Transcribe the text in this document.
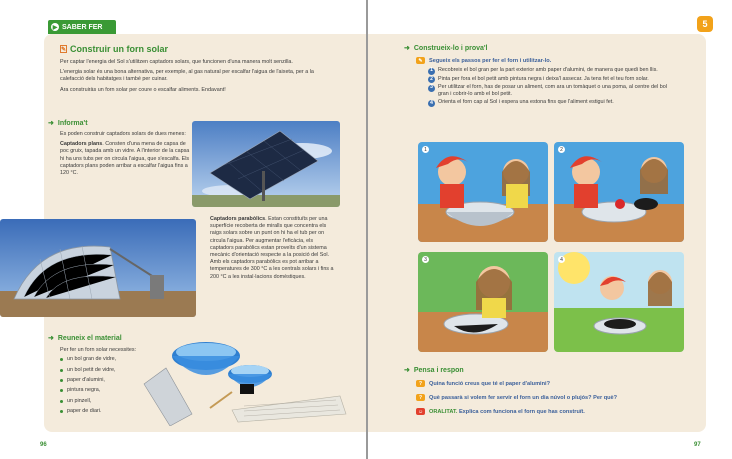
▶ SABER FER
✎ Construir un forn solar

Per captar l'energia del Sol s'utilitzen captadors solars, que funcionen d'una manera molt senzilla.

L'energia solar és una bona alternativa, per exemple, al gas natural per escalfar l'aigua de l'aixeta, per a la calefacció dels habitatges i també per cuinar.

Ara construiràs un forn solar per coure o escalfar aliments. Endavant!

➜ Informa't

Es poden construir captadors solars de dues menes:

Captadors plans. Consten d'una mena de capsa de poc gruix, tapada amb un vidre. A l'interior de la capsa hi ha uns tubs per on circula l'aigua, que s'escalfa. Els captadors plans poden arribar a escalfar l'aigua fins a 120 °C.

Captadors parabòlics. Estan constituïts per una superfície recoberta de miralls que concentra els raigs solars sobre un punt on hi ha el tub per on circula l'aigua. Per augmentar l'eficàcia, els captadors parabòlics estan proveïts d'un sistema mecànic d'orientació respecte a la posició del Sol. Amb els captadors parabòlics es pot arribar a temperatures de 300 °C a les centrals solars i fins a 200 °C a les instal·lacions domèstiques.

➜ Reuneix el material

Per fer un forn solar necessites:

un bol gran de vidre,
un bol petit de vidre,
paper d'alumini,
pintura negra,
un pinzell,
paper de diari.
96
5
➜ Construeix-lo i prova'l
✎	Segueix els passos per fer el forn i utilitzar-lo.
1 Recobreix el bol gran per la part exterior amb paper d'alumini, de manera que quedi ben llis.
2 Pinta per fora el bol petit amb pintura negra i deixa'l assecar. Ja tens fet el teu forn solar.
3 Per utilitzar el forn, has de posar un aliment, com ara un tomàquet o una poma, al centre del bol gran i cobrir-lo amb el bol petit.
4 Orienta el forn cap al Sol i espera una estona fins que l'aliment estigui fet.
1	2
3	4
➜ Pensa i respon
?	Quina funció creus que té el paper d'alumini?
?	Què passarà si volem fer servir el forn un dia núvol o plujós? Per què?
☺	ORALITAT. Explica com funciona el forn que has construït.
97
